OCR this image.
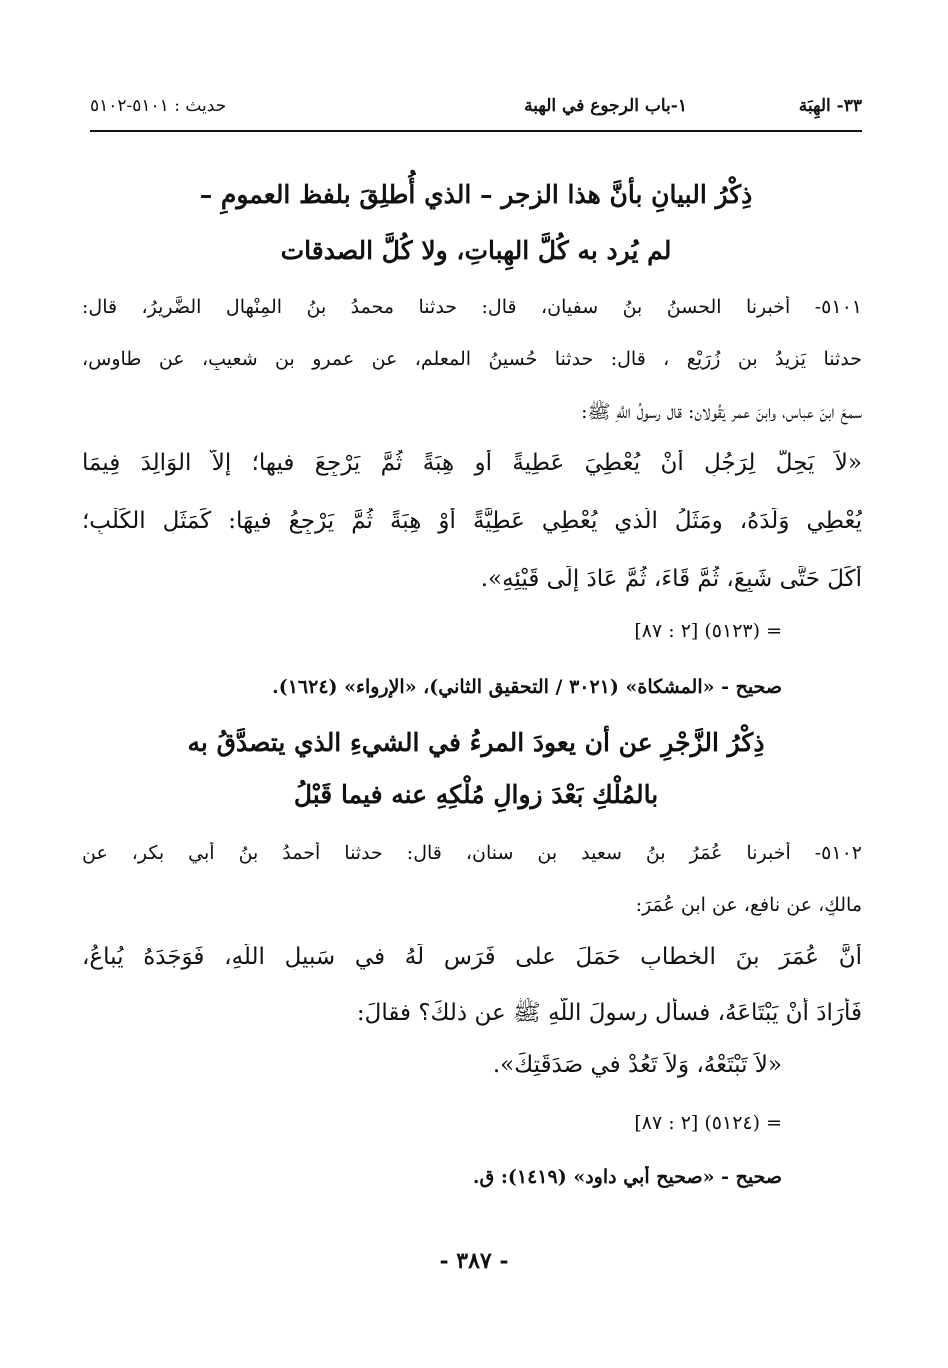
٣٣- الهِبَة
١-باب الرجوع في الهبة
حديث : ٥١٠١-٥١٠٢
ذِكْرُ البيانِ بأنَّ هذا الزجر – الذي أُطلِقَ بلفظ العمومِ –
لم يُرد به كُلَّ الهِباتِ، ولا كُلَّ الصدقات
٥١٠١- أخبرنا الحسنُ بنُ سفيان، قال: حدثنا محمدُ بنُ المِنْهال الضَّريرُ، قال:
حدثنا يَزيدُ بن زُرَيْعٍ ، قال: حدثنا حُسينُ المعلم، عن عمرو بنِ شعيبٍ، عن طاوس،
سمعَ ابنَ عباس، وابنَ عمر يَقُولان: قال رسولُ اللَّهِ ﷺ:
«لاَ يَحِلُّ لِرَجُلٍ أَنْ يُعْطِيَ عَطِيةً أَو هِبَةً ثُمَّ يَرْجِعَ فيها؛ إلاَّ الوَالِدَ فِيمَا
يُعْطِي وَلَدَهُ، ومَثَلُ الَّذي يُعْطِي عَطِيَّةً أَوْ هِبَةً ثُمَّ يَرْجِعُ فيهَا: كَمَثَلِ الكَلْبِ؛
أَكَلَ حَتَّى شَبِعَ، ثُمَّ قَاءَ، ثُمَّ عَادَ إِلَى قَيْئِهِ».
= (٥١٢٣) [٢ : ٨٧]
صحيح - «المشكاة» (٣٠٢١ / التحقيق الثاني)، «الإرواء» (١٦٢٤).
ذِكْرُ الزَّجْرِ عن أن يعودَ المرءُ في الشيءِ الذي يتصدَّقُ به
بالمُلْكِ بَعْدَ زوالِ مُلْكِهِ عنه فيما قَبْلُ
٥١٠٢- أخبرنا عُمَرُ بنُ سعيد بنِ سنان، قال: حدثنا أحمدُ بنُ أبي بكرٍ، عن
مالكٍ، عن نافعٍ، عن ابنِ عُمَرَ:
أنَّ عُمَرَ بنَ الخطابِ حَمَلَ على فَرَسٍ لَهُ في سَبيلِ اللَّهِ، فَوَجَدَهُ يُباعُ،
فَأَرَادَ أَنْ يَبْتَاعَهُ، فسأل رسولَ اللَّهِ ﷺ عن ذلكَ؟ فقالَ:
«لاَ تَبْتَعْهُ، وَلاَ تَعُدْ في صَدَقَتِكَ».
= (٥١٢٤) [٢ : ٨٧]
صحيح - «صحيح أبي داود» (١٤١٩): ق.
- ٣٨٧ -
